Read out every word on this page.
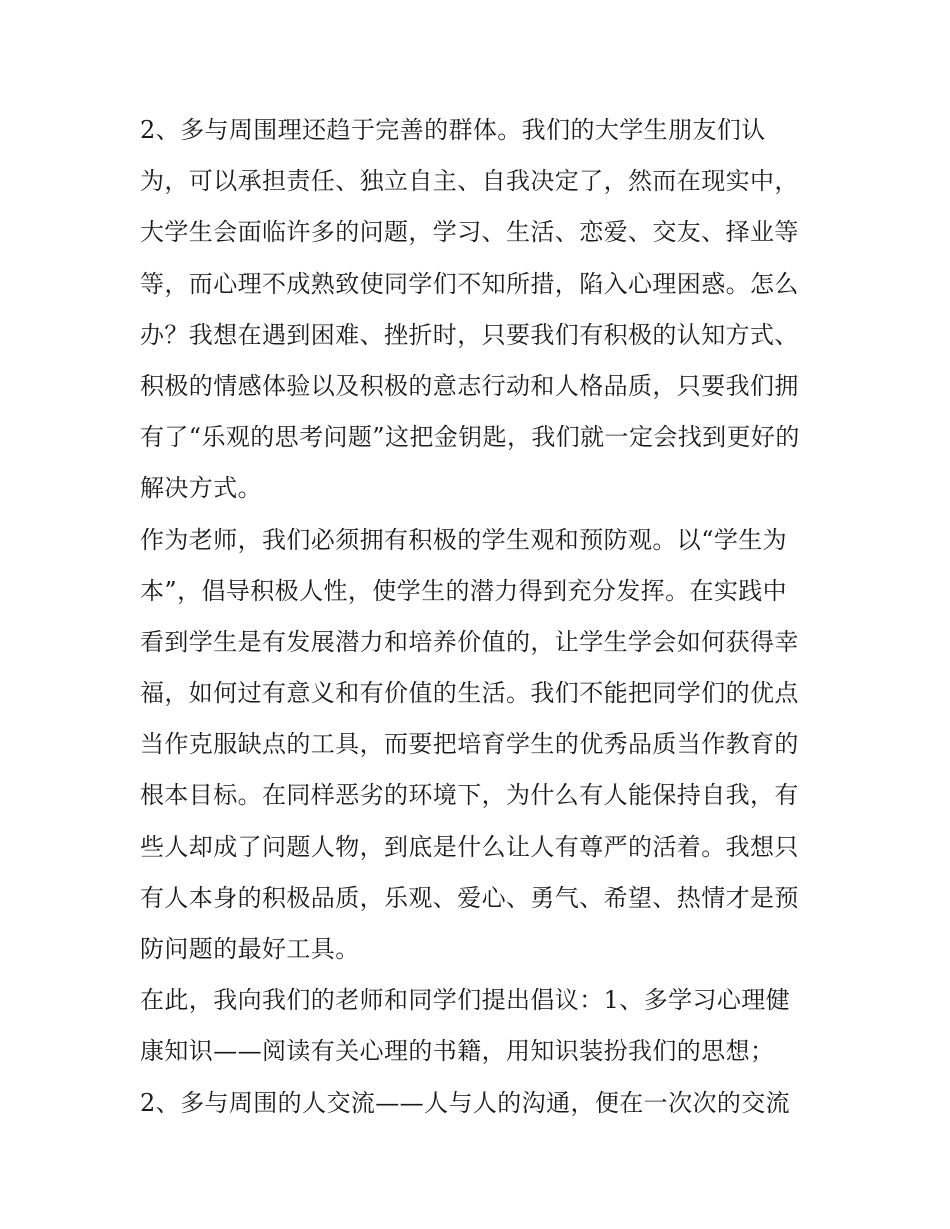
2、多与周围理还趋于完善的群体。我们的大学生朋友们认
为，可以承担责任、独立自主、自我决定了，然而在现实中，
大学生会面临许多的问题，学习、生活、恋爱、交友、择业等
等，而心理不成熟致使同学们不知所措，陷入心理困惑。怎么
办？我想在遇到困难、挫折时，只要我们有积极的认知方式、
积极的情感体验以及积极的意志行动和人格品质，只要我们拥
有了“乐观的思考问题”这把金钥匙，我们就一定会找到更好的
解决方式。
作为老师，我们必须拥有积极的学生观和预防观。以“学生为
本”，倡导积极人性，使学生的潜力得到充分发挥。在实践中
看到学生是有发展潜力和培养价值的，让学生学会如何获得幸
福，如何过有意义和有价值的生活。我们不能把同学们的优点
当作克服缺点的工具，而要把培育学生的优秀品质当作教育的
根本目标。在同样恶劣的环境下，为什么有人能保持自我，有
些人却成了问题人物，到底是什么让人有尊严的活着。我想只
有人本身的积极品质，乐观、爱心、勇气、希望、热情才是预
防问题的最好工具。
在此，我向我们的老师和同学们提出倡议：1、多学习心理健
康知识——阅读有关心理的书籍，用知识装扮我们的思想；
2、多与周围的人交流——人与人的沟通，便在一次次的交流
